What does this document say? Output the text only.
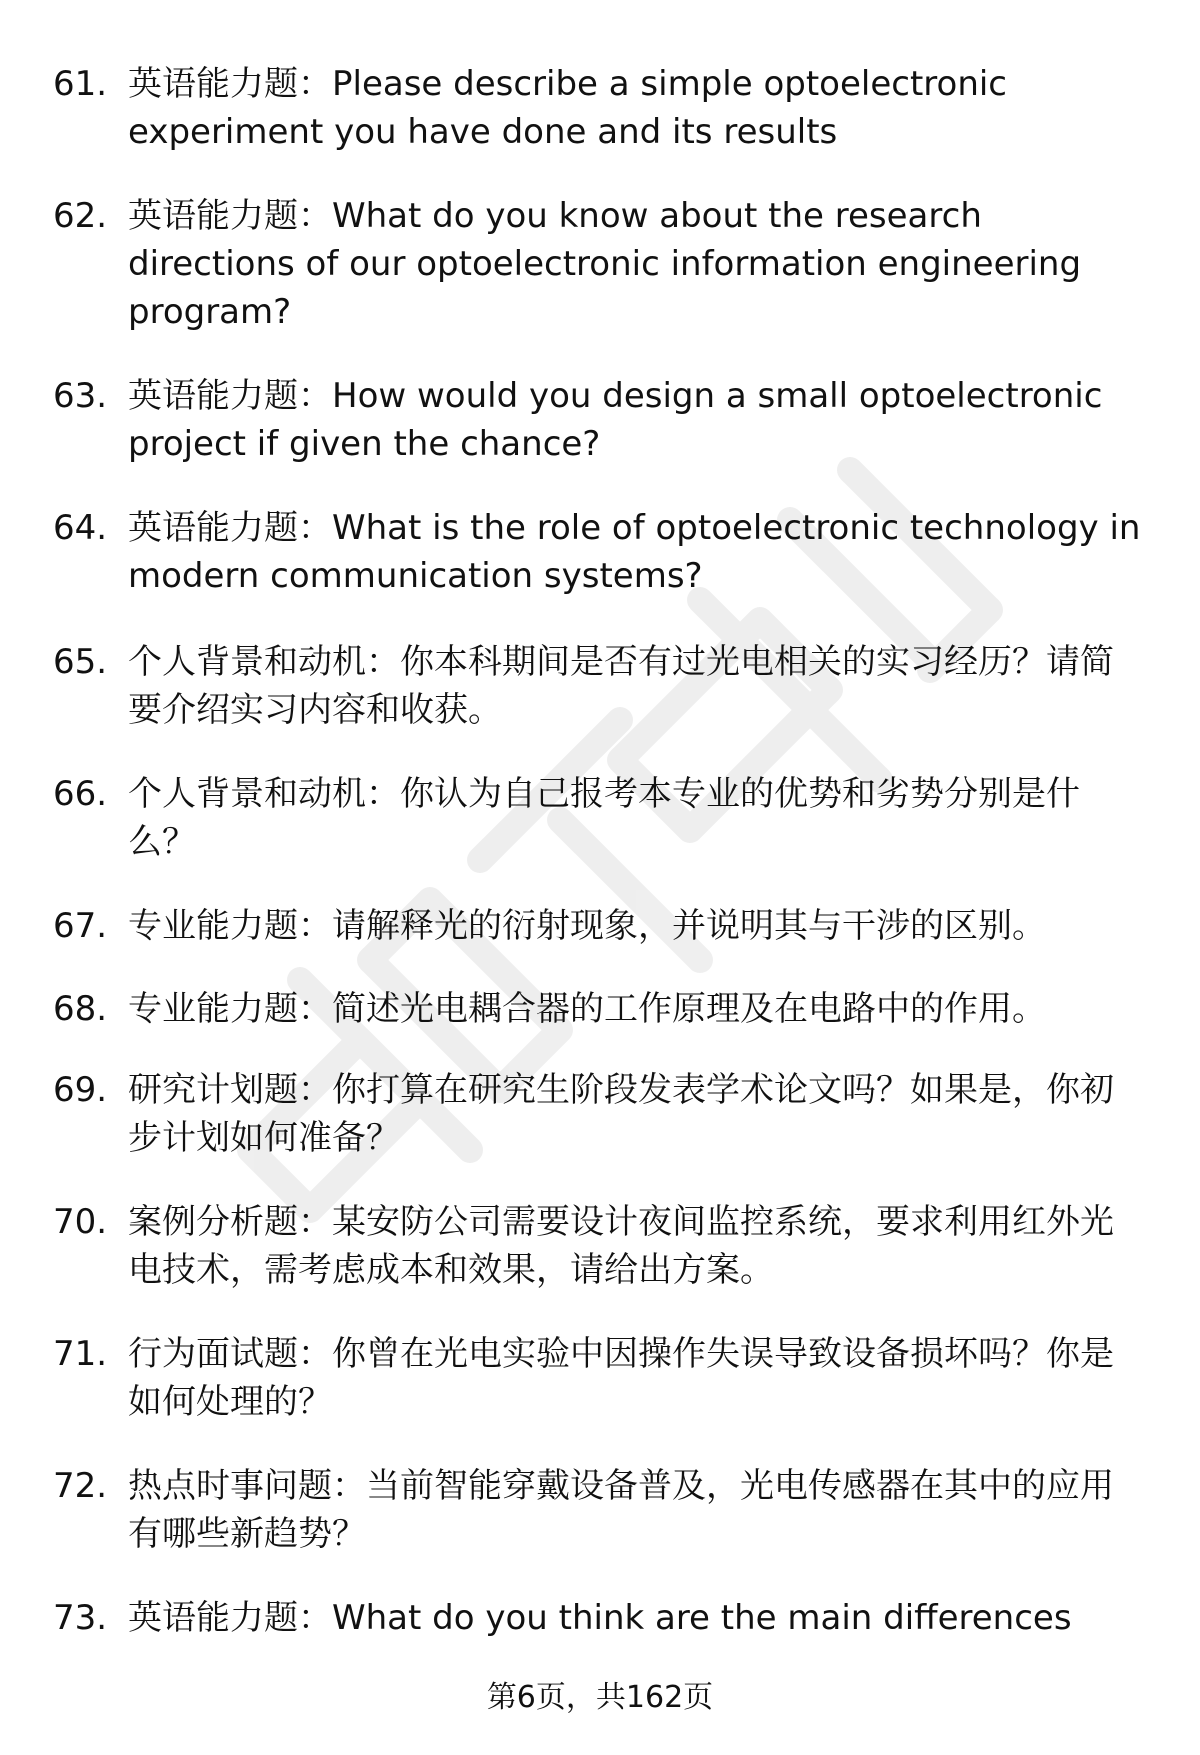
61. 英语能力题：Please describe a simple optoelectronic experiment you have done and its results
62. 英语能力题：What do you know about the research directions of our optoelectronic information engineering program?
63. 英语能力题：How would you design a small optoelectronic project if given the chance?
64. 英语能力题：What is the role of optoelectronic technology in modern communication systems?
65. 个人背景和动机：你本科期间是否有过光电相关的实习经历？请简要介绍实习内容和收获。
66. 个人背景和动机：你认为自己报考本专业的优势和劣势分别是什么？
67. 专业能力题：请解释光的衍射现象，并说明其与干涉的区别。
68. 专业能力题：简述光电耦合器的工作原理及在电路中的作用。
69. 研究计划题：你打算在研究生阶段发表学术论文吗？如果是，你初步计划如何准备？
70. 案例分析题：某安防公司需要设计夜间监控系统，要求利用红外光电技术，需考虑成本和效果，请给出方案。
71. 行为面试题：你曾在光电实验中因操作失误导致设备损坏吗？你是如何处理的？
72. 热点时事问题：当前智能穿戴设备普及，光电传感器在其中的应用有哪些新趋势？
73. 英语能力题：What do you think are the main differences
第6页，共162页
